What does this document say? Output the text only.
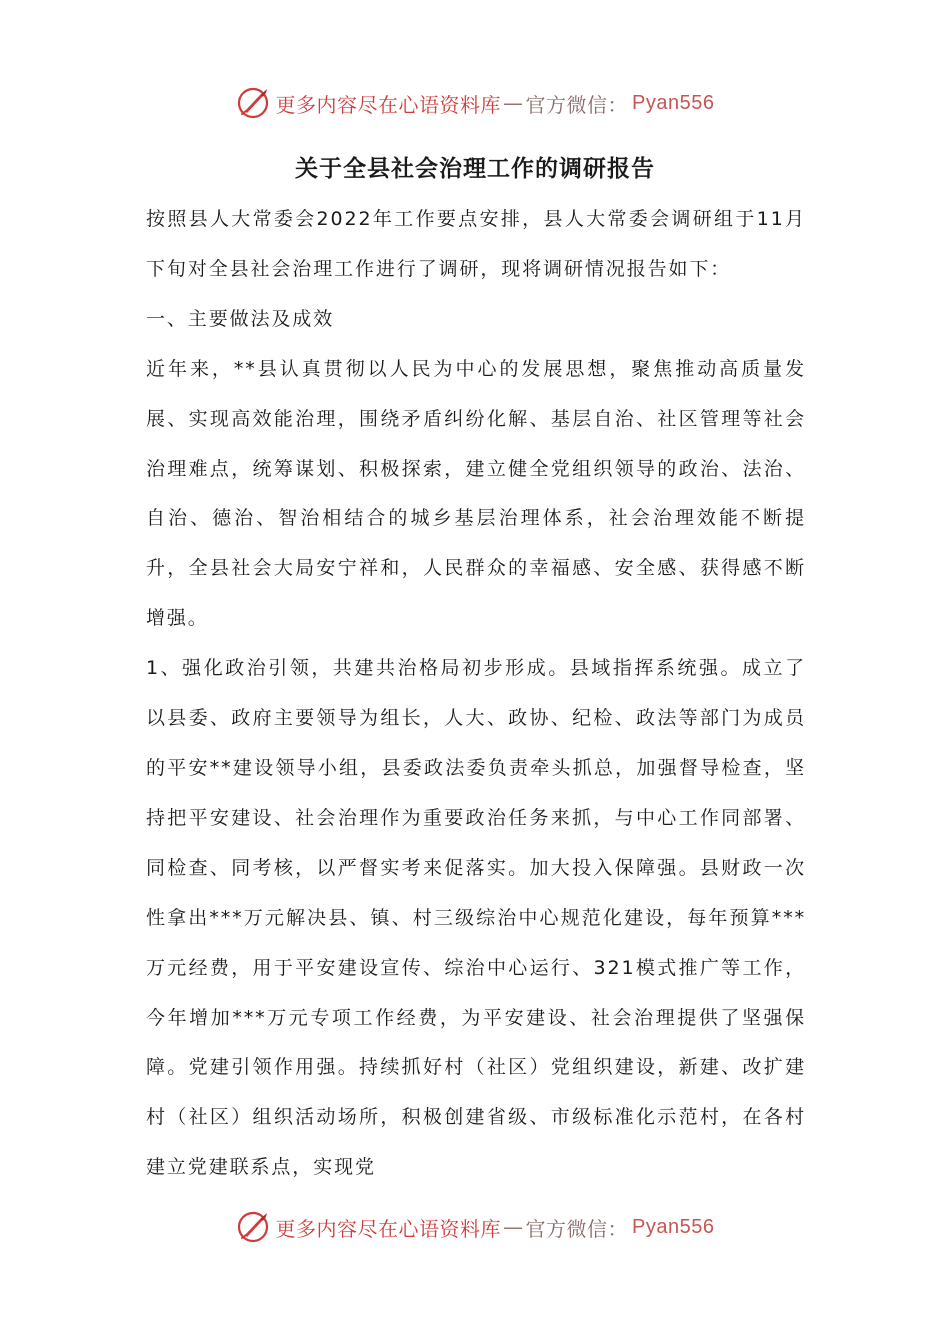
更多内容尽在心语资料库 — 官方微信： Pyan556
关于全县社会治理工作的调研报告

按照县人大常委会2022年工作要点安排，县人大常委会调研组于11月下旬对全县社会治理工作进行了调研，现将调研情况报告如下：

一、主要做法及成效

近年来，**县认真贯彻以人民为中心的发展思想，聚焦推动高质量发展、实现高效能治理，围绕矛盾纠纷化解、基层自治、社区管理等社会治理难点，统筹谋划、积极探索，建立健全党组织领导的政治、法治、自治、德治、智治相结合的城乡基层治理体系，社会治理效能不断提升，全县社会大局安宁祥和，人民群众的幸福感、安全感、获得感不断增强。

1、强化政治引领，共建共治格局初步形成。县域指挥系统强。成立了以县委、政府主要领导为组长，人大、政协、纪检、政法等部门为成员的平安**建设领导小组，县委政法委负责牵头抓总，加强督导检查，坚持把平安建设、社会治理作为重要政治任务来抓，与中心工作同部署、同检查、同考核，以严督实考来促落实。加大投入保障强。县财政一次性拿出***万元解决县、镇、村三级综治中心规范化建设，每年预算***万元经费，用于平安建设宣传、综治中心运行、321模式推广等工作，今年增加***万元专项工作经费，为平安建设、社会治理提供了坚强保障。党建引领作用强。持续抓好村（社区）党组织建设，新建、改扩建村（社区）组织活动场所，积极创建省级、市级标准化示范村，在各村建立党建联系点，实现党

更多内容尽在心语资料库 — 官方微信： Pyan556
